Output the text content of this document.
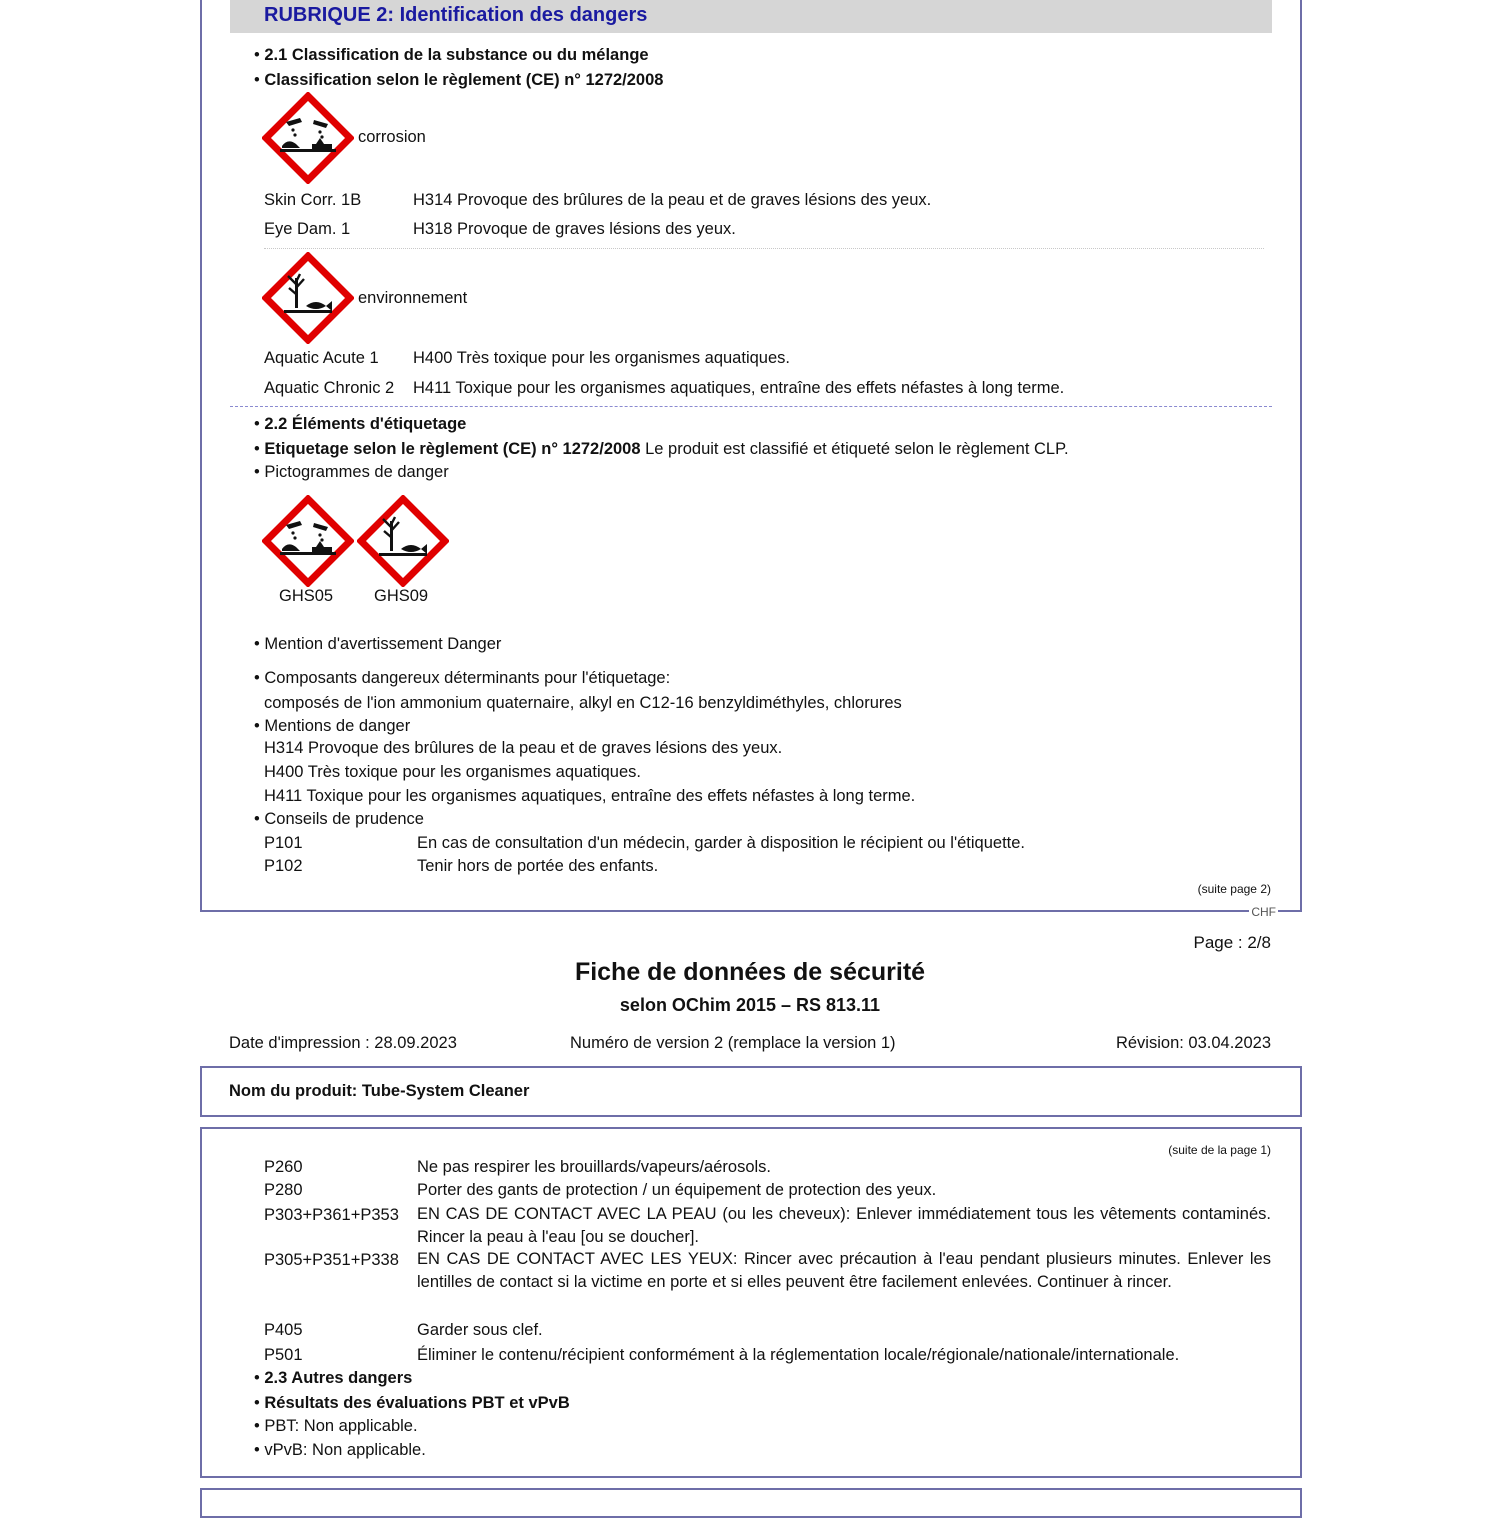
RUBRIQUE 2: Identification des dangers
• 2.1 Classification de la substance ou du mélange
• Classification selon le règlement (CE) n° 1272/2008
corrosion
Skin Corr. 1B	H314 Provoque des brûlures de la peau et de graves lésions des yeux.
Eye Dam. 1	H318 Provoque de graves lésions des yeux.
environnement
Aquatic Acute 1 H400 Très toxique pour les organismes aquatiques.
Aquatic Chronic 2 H411 Toxique pour les organismes aquatiques, entraîne des effets néfastes à long terme.
• 2.2 Éléments d'étiquetage
• Etiquetage selon le règlement (CE) n° 1272/2008 Le produit est classifié et étiqueté selon le règlement CLP.
• Pictogrammes de danger
GHS05 GHS09
• Mention d'avertissement Danger
• Composants dangereux déterminants pour l'étiquetage:
composés de l'ion ammonium quaternaire, alkyl en C12-16 benzyldiméthyles, chlorures
• Mentions de danger
H314 Provoque des brûlures de la peau et de graves lésions des yeux.
H400 Très toxique pour les organismes aquatiques.
H411 Toxique pour les organismes aquatiques, entraîne des effets néfastes à long terme.
• Conseils de prudence
P101	En cas de consultation d'un médecin, garder à disposition le récipient ou l'étiquette.
P102	Tenir hors de portée des enfants.
(suite page 2)
CHF
Page : 2/8
Fiche de données de sécurité
selon OChim 2015 – RS 813.11
Date d'impression : 28.09.2023	Numéro de version 2 (remplace la version 1)	Révision: 03.04.2023
Nom du produit: Tube-System Cleaner
(suite de la page 1)
P260	Ne pas respirer les brouillards/vapeurs/aérosols.
P280	Porter des gants de protection / un équipement de protection des yeux.
P303+P361+P353 EN CAS DE CONTACT AVEC LA PEAU (ou les cheveux): Enlever immédiatement tous les vêtements contaminés. Rincer la peau à l'eau [ou se doucher].
P305+P351+P338 EN CAS DE CONTACT AVEC LES YEUX: Rincer avec précaution à l'eau pendant plusieurs minutes. Enlever les lentilles de contact si la victime en porte et si elles peuvent être facilement enlevées. Continuer à rincer.
P405	Garder sous clef.
P501	Éliminer le contenu/récipient conformément à la réglementation locale/régionale/nationale/internationale.
• 2.3 Autres dangers
• Résultats des évaluations PBT et vPvB
• PBT: Non applicable.
• vPvB: Non applicable.
